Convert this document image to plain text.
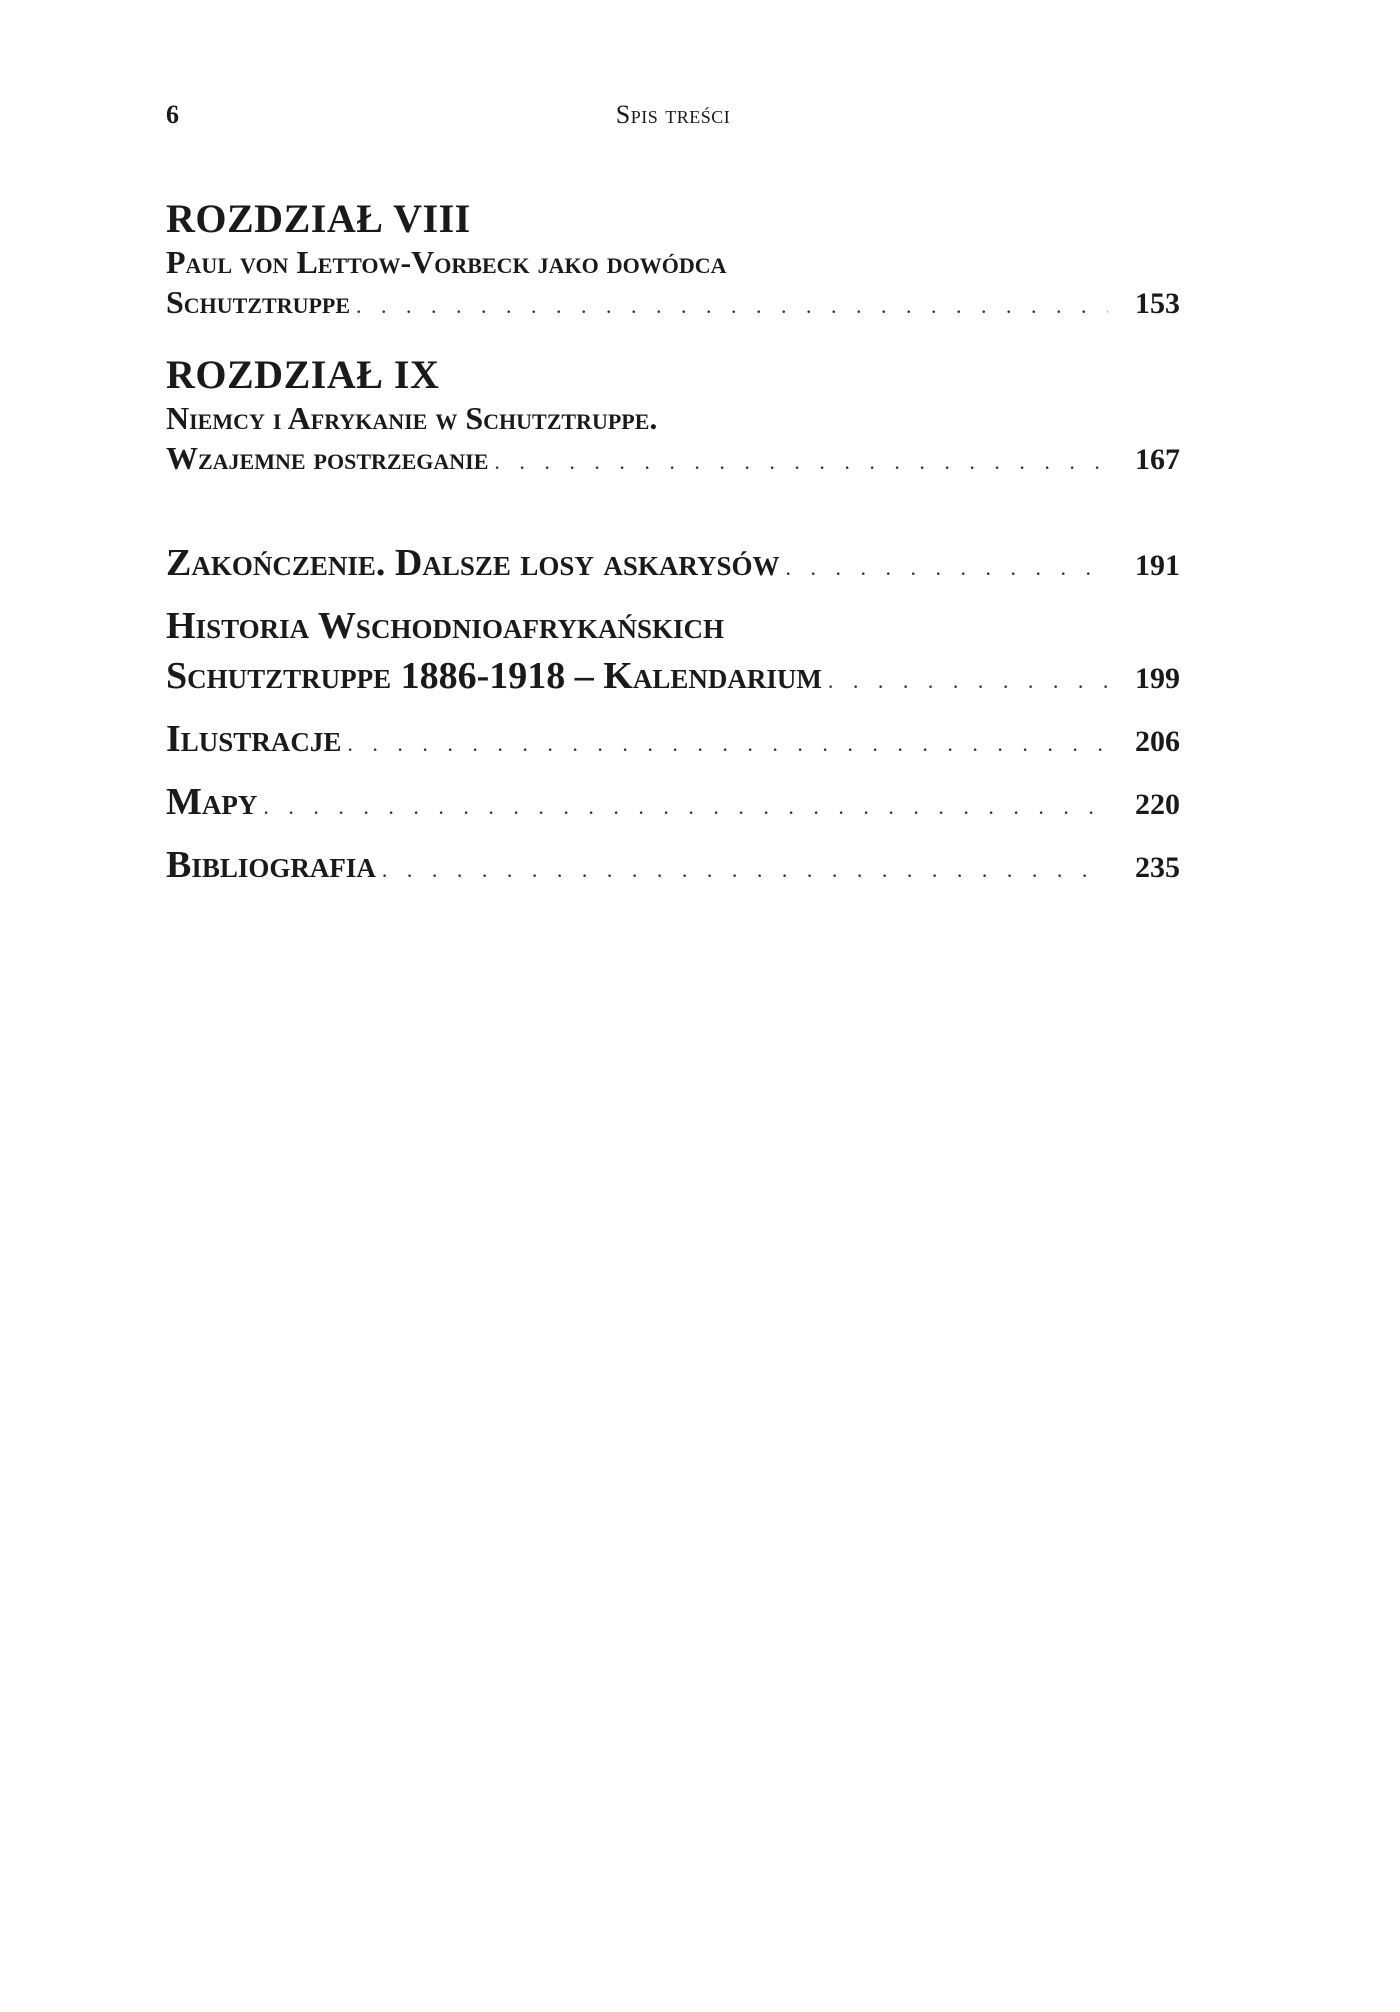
6	Spis treści
ROZDZIAŁ VIII
Paul von Lettow-Vorbeck jako dowódca
Schutztruppe . . .	153
ROZDZIAŁ IX
Niemcy i Afrykanie w Schutztruppe.
Wzajemne postrzeganie . . .	167
Zakończenie. Dalsze losy askarysów . . .	191
Historia Wschodnioafrykańskich
Schutztruppe 1886-1918 – Kalendarium . . .	199
Ilustracje . . .	206
Mapy . . .	220
Bibliografia . . .	235
